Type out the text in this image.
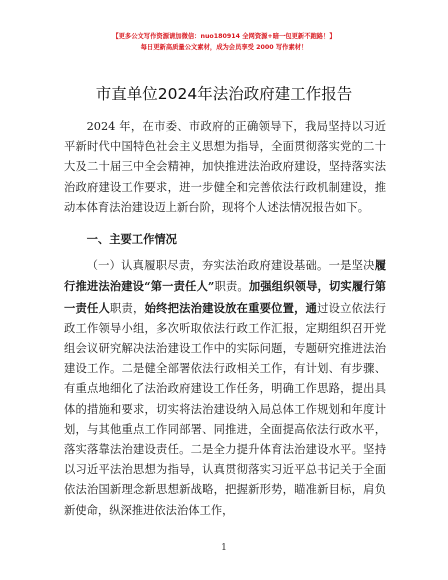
【更多公文写作资源请加微信：nuo180914 全网资源+暗一包更新不跑路！】
每日更新高质量公文素材，成为会员享受 2000 写作素材！
市直单位2024年法治政府建工作报告

2024 年，在市委、市政府的正确领导下，我局坚持以习近平新时代中国特色社会主义思想为指导，全面贯彻落实党的二十大及二十届三中全会精神，加快推进法治政府建设，坚持落实法治政府建设工作要求，进一步健全和完善依法行政机制建设，推动本体育法治建设迈上新台阶，现将个人述法情况报告如下。

一、主要工作情况

（一）认真履职尽责，夯实法治政府建设基础。一是坚决履行推进法治建设“第一责任人”职责。加强组织领导，切实履行第一责任人职责，始终把法治建设放在重要位置，通过设立依法行政工作领导小组，多次听取依法行政工作汇报，定期组织召开党组会议研究解决法治建设工作中的实际问题，专题研究推进法治建设工作。二是健全部署依法行政相关工作，有计划、有步骤、有重点地细化了法治政府建设工作任务，明确工作思路，提出具体的措施和要求，切实将法治建设纳入局总体工作规划和年度计划，与其他重点工作同部署、同推进，全面提高依法行政水平，落实落靠法治建设责任。二是全力提升体育法治建设水平。坚持以习近平法治思想为指导，认真贯彻落实习近平总书记关于全面依法治国新理念新思想新战略，把握新形势，瞄准新目标，肩负新使命，纵深推进依法治体工作，

1
